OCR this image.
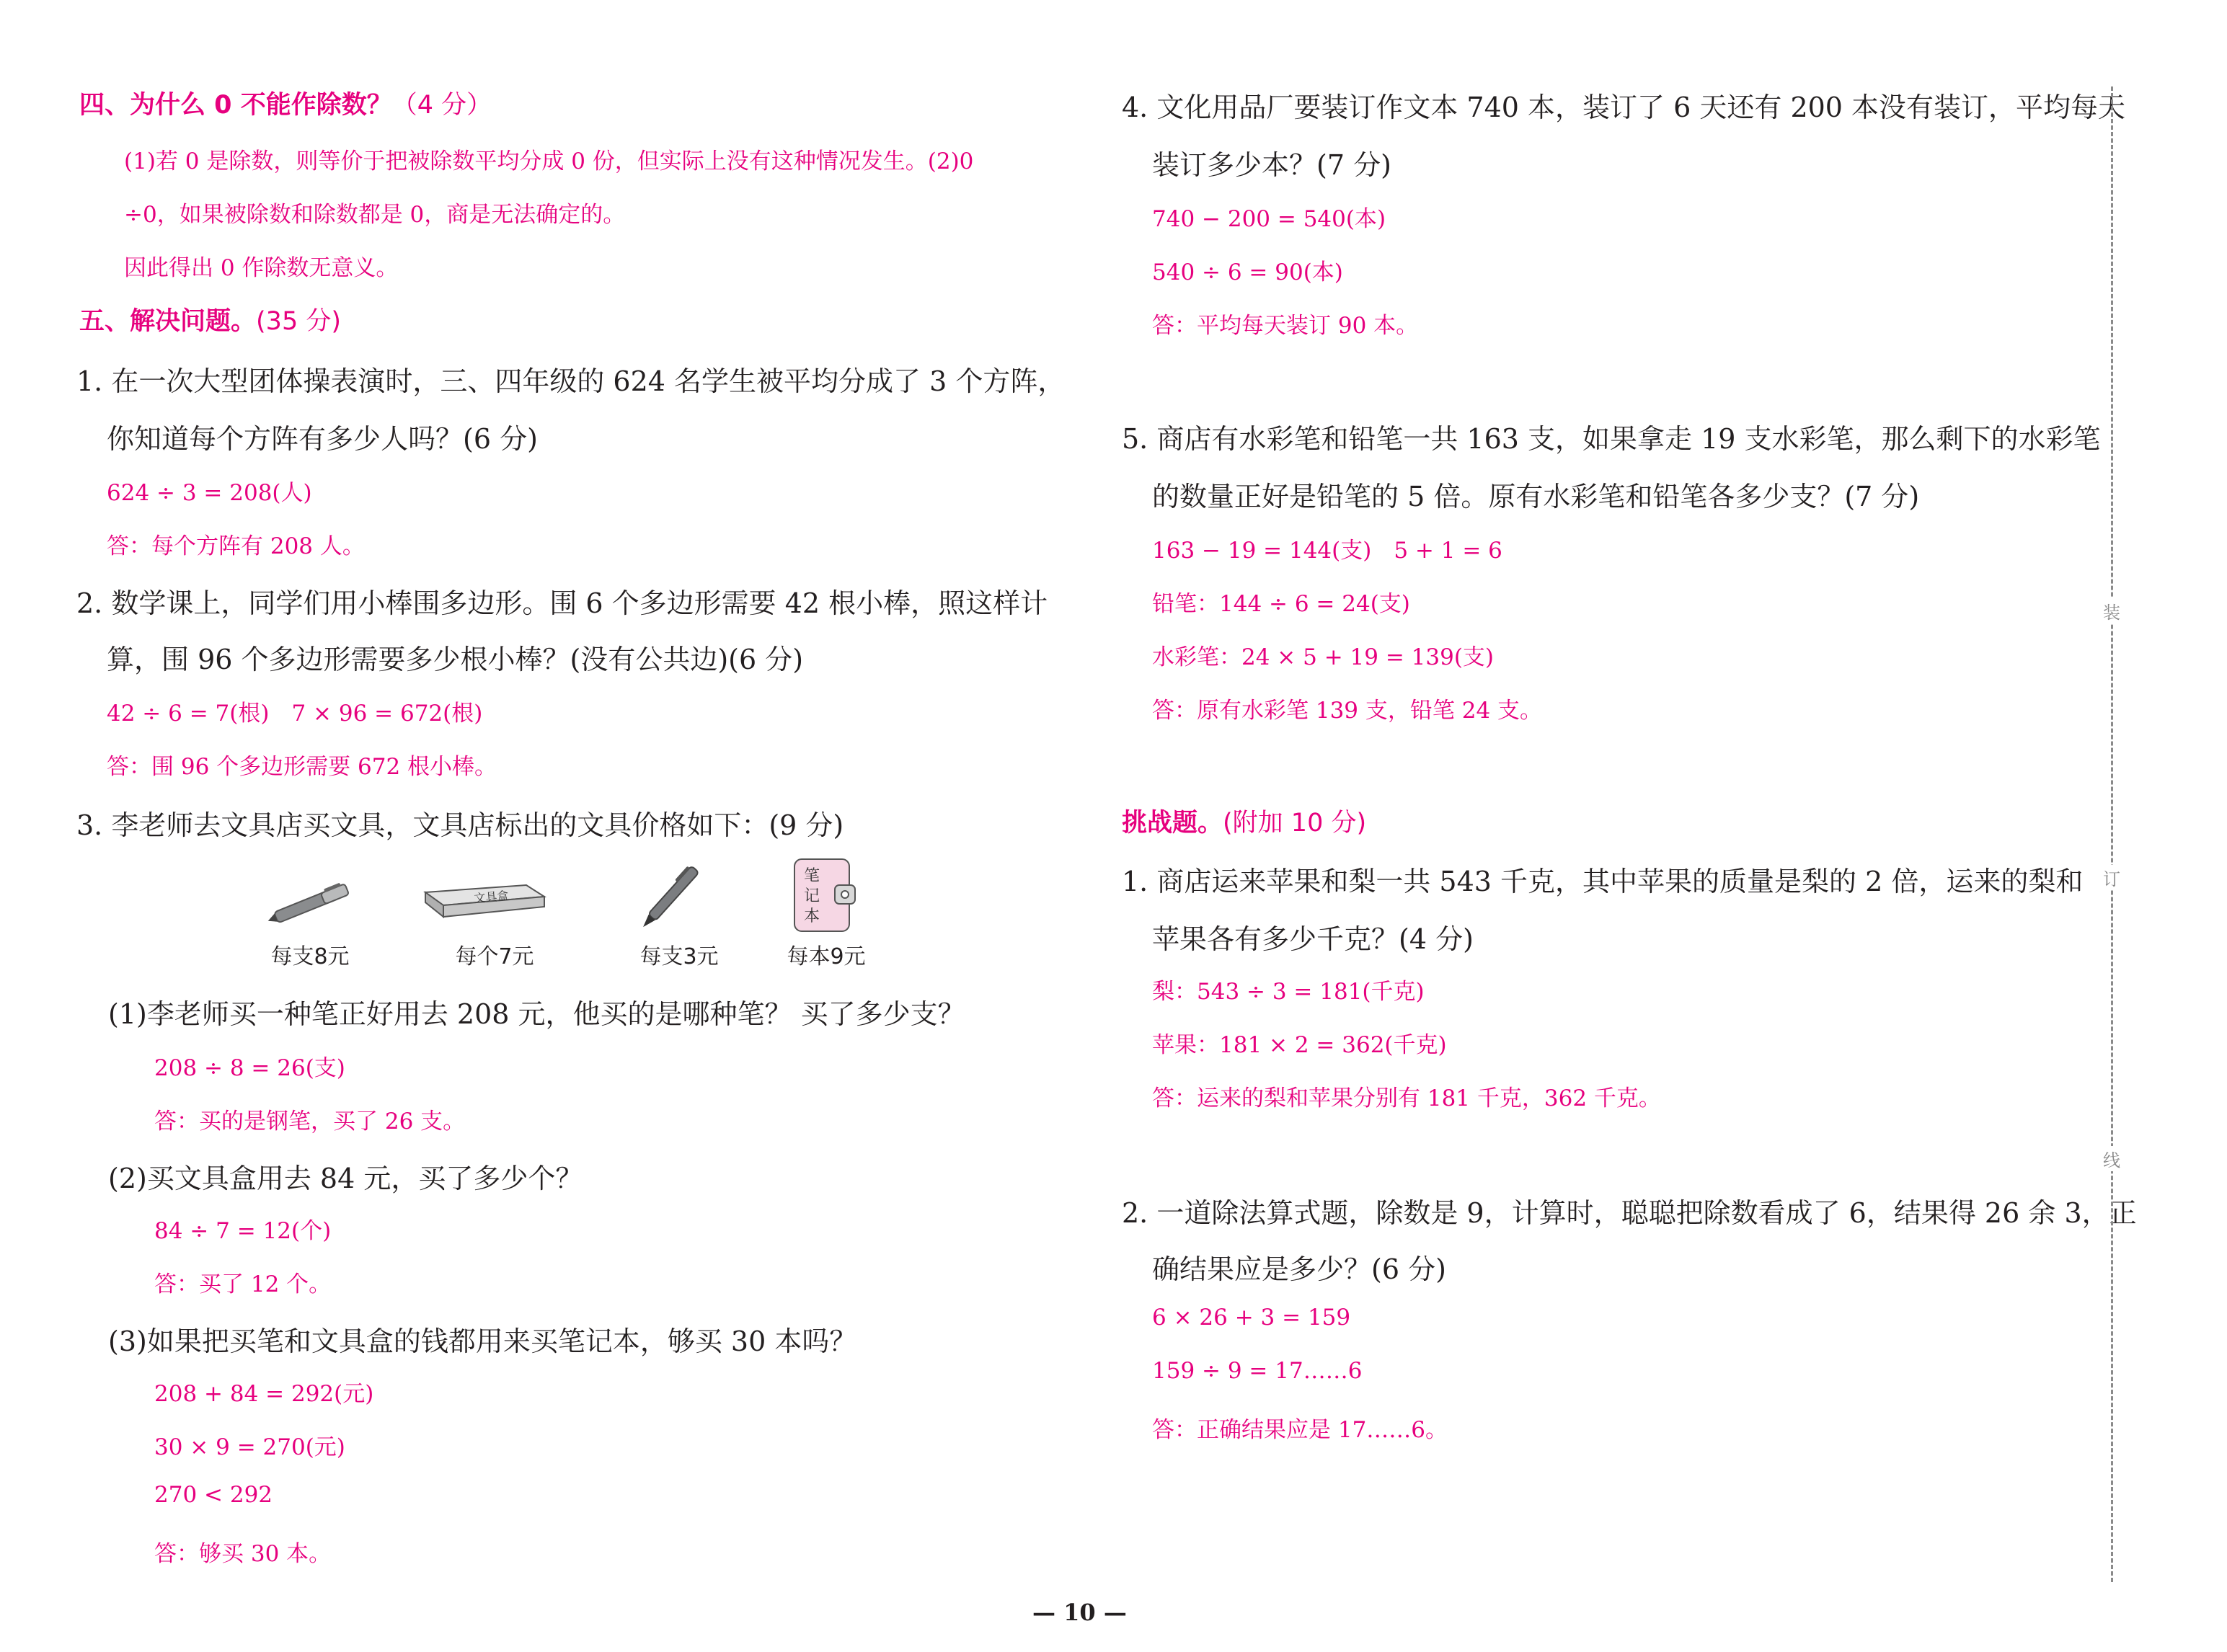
四、为什么 0 不能作除数？（4 分）
(1)若 0 是除数，则等价于把被除数平均分成 0 份，但实际上没有这种情况发生。(2)0
÷0，如果被除数和除数都是 0，商是无法确定的。
因此得出 0 作除数无意义。
五、解决问题。(35 分)
1. 在一次大型团体操表演时，三、四年级的 624 名学生被平均分成了 3 个方阵，
你知道每个方阵有多少人吗？(6 分)
624 ÷ 3 = 208(人)
答：每个方阵有 208 人。
2. 数学课上，同学们用小棒围多边形。围 6 个多边形需要 42 根小棒，照这样计
算，围 96 个多边形需要多少根小棒？(没有公共边)(6 分)
42 ÷ 6 = 7(根)　7 × 96 = 672(根)
答：围 96 个多边形需要 672 根小棒。
3. 李老师去文具店买文具，文具店标出的文具价格如下：(9 分)
文具盒
笔
记
本
每支8元	每个7元	每支3元	每本9元
(1)李老师买一种笔正好用去 208 元，他买的是哪种笔？ 买了多少支？
208 ÷ 8 = 26(支)
答：买的是钢笔，买了 26 支。
(2)买文具盒用去 84 元，买了多少个？
84 ÷ 7 = 12(个)
答：买了 12 个。
(3)如果把买笔和文具盒的钱都用来买笔记本，够买 30 本吗？
208 + 84 = 292(元)
30 × 9 = 270(元)
270 < 292
答：够买 30 本。
4. 文化用品厂要装订作文本 740 本，装订了 6 天还有 200 本没有装订，平均每天
装订多少本？(7 分)
740 − 200 = 540(本)
540 ÷ 6 = 90(本)
答：平均每天装订 90 本。
5. 商店有水彩笔和铅笔一共 163 支，如果拿走 19 支水彩笔，那么剩下的水彩笔
的数量正好是铅笔的 5 倍。原有水彩笔和铅笔各多少支？(7 分)
163 − 19 = 144(支)　5 + 1 = 6
铅笔：144 ÷ 6 = 24(支)
水彩笔：24 × 5 + 19 = 139(支)
答：原有水彩笔 139 支，铅笔 24 支。
挑战题。(附加 10 分)
1. 商店运来苹果和梨一共 543 千克，其中苹果的质量是梨的 2 倍，运来的梨和
苹果各有多少千克？(4 分)
梨：543 ÷ 3 = 181(千克)
苹果：181 × 2 = 362(千克)
答：运来的梨和苹果分别有 181 千克，362 千克。
2. 一道除法算式题，除数是 9，计算时，聪聪把除数看成了 6，结果得 26 余 3，正
确结果应是多少？(6 分)
6 × 26 + 3 = 159
159 ÷ 9 = 17……6
答：正确结果应是 17……6。
装
订
线
— 10 —
